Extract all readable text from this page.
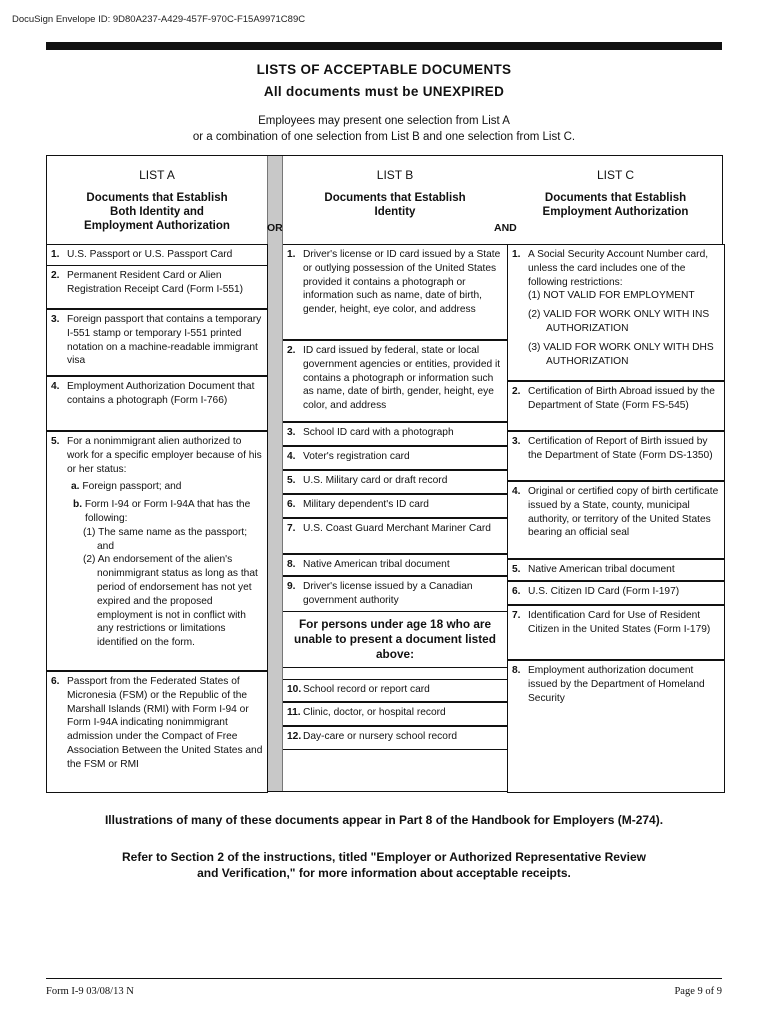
DocuSign Envelope ID: 9D80A237-A429-457F-970C-F15A9971C89C
LISTS OF ACCEPTABLE DOCUMENTS
All documents must be UNEXPIRED
Employees may present one selection from List A
or a combination of one selection from List B and one selection from List C.
LIST A
Documents that Establish Both Identity and Employment Authorization
LIST B
Documents that Establish Identity
LIST C
Documents that Establish Employment Authorization
OR	AND
1. U.S. Passport or U.S. Passport Card

2. Permanent Resident Card or Alien Registration Receipt Card (Form I-551)

3. Foreign passport that contains a temporary I-551 stamp or temporary I-551 printed notation on a machine-readable immigrant visa

4. Employment Authorization Document that contains a photograph (Form I-766)

5. For a nonimmigrant alien authorized to work for a specific employer because of his or her status:

a. Foreign passport; and

b. Form I-94 or Form I-94A that has the following:

(1) The same name as the passport; and

(2) An endorsement of the alien's nonimmigrant status as long as that period of endorsement has not yet expired and the proposed employment is not in conflict with any restrictions or limitations identified on the form.

6. Passport from the Federated States of Micronesia (FSM) or the Republic of the Marshall Islands (RMI) with Form I-94 or Form I-94A indicating nonimmigrant admission under the Compact of Free Association Between the United States and the FSM or RMI

1. Driver's license or ID card issued by a State or outlying possession of the United States provided it contains a photograph or information such as name, date of birth, gender, height, eye color, and address

2. ID card issued by federal, state or local government agencies or entities, provided it contains a photograph or information such as name, date of birth, gender, height, eye color, and address

3. School ID card with a photograph

4. Voter's registration card

5. U.S. Military card or draft record

6. Military dependent's ID card

7. U.S. Coast Guard Merchant Mariner Card

8. Native American tribal document

9. Driver's license issued by a Canadian government authority

For persons under age 18 who are unable to present a document listed above:
10. School record or report card

11. Clinic, doctor, or hospital record

12. Day-care or nursery school record

1. A Social Security Account Number card, unless the card includes one of the following restrictions:

(1) NOT VALID FOR EMPLOYMENT

(2) VALID FOR WORK ONLY WITH INS AUTHORIZATION

(3) VALID FOR WORK ONLY WITH DHS AUTHORIZATION

2. Certification of Birth Abroad issued by the Department of State (Form FS-545)

3. Certification of Report of Birth issued by the Department of State (Form DS-1350)

4. Original or certified copy of birth certificate issued by a State, county, municipal authority, or territory of the United States bearing an official seal

5. Native American tribal document

6. U.S. Citizen ID Card (Form I-197)

7. Identification Card for Use of Resident Citizen in the United States (Form I-179)

8. Employment authorization document issued by the Department of Homeland Security

Illustrations of many of these documents appear in Part 8 of the Handbook for Employers (M-274).
Refer to Section 2 of the instructions, titled "Employer or Authorized Representative Review
and Verification," for more information about acceptable receipts.
Form I-9 03/08/13 N	Page 9 of 9
